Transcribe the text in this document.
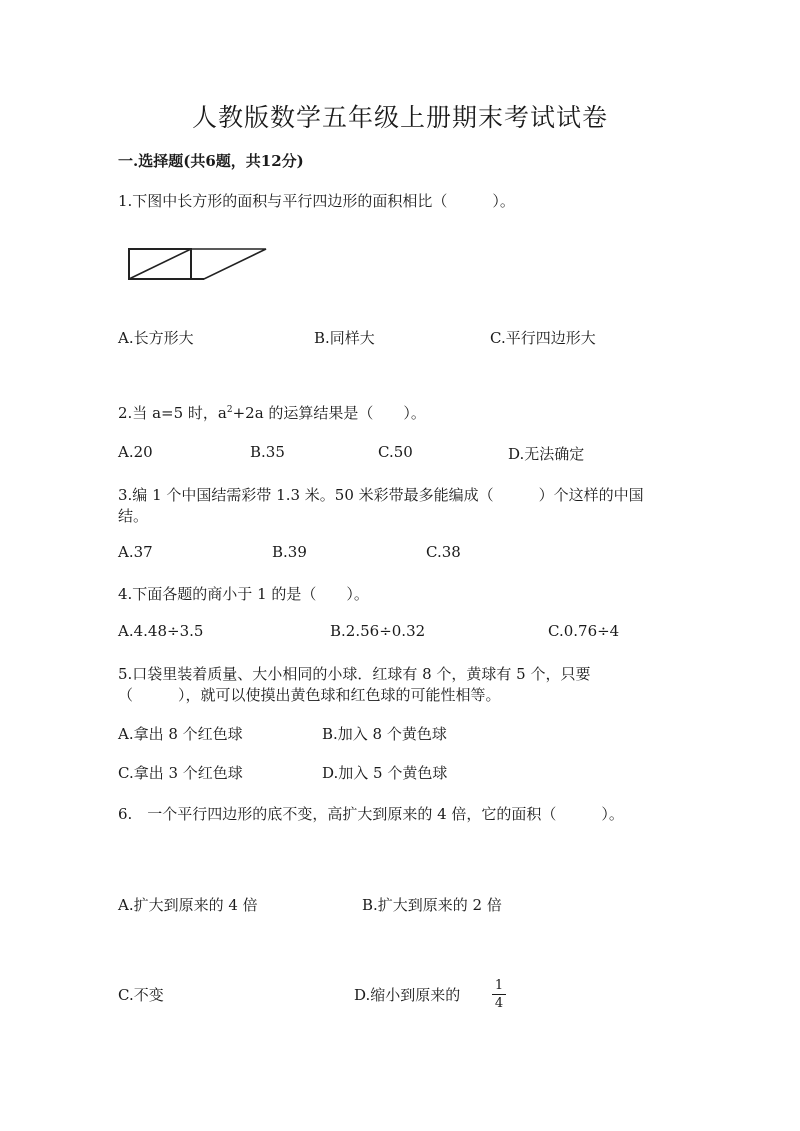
人教版数学五年级上册期末考试试卷
一.选择题(共6题，共12分)
1.下图中长方形的面积与平行四边形的面积相比（　　　）。
A.长方形大	B.同样大	C.平行四边形大
2.当 a=5 时，$a^2+2a$ 的运算结果是（　　）。
A.20	B.35	C.50	D.无法确定
3.编 1 个中国结需彩带 1.3 米。50 米彩带最多能编成（　　　）个这样的中国
结。
A.37	B.39	C.38
4.下面各题的商小于 1 的是（　　）。
A.4.48÷3.5	B.2.56÷0.32	C.0.76÷4
5.口袋里装着质量、大小相同的小球．红球有 8 个，黄球有 5 个，只要
（　　　），就可以使摸出黄色球和红色球的可能性相等。
A.拿出 8 个红色球	B.加入 8 个黄色球
C.拿出 3 个红色球	D.加入 5 个黄色球
6.　一个平行四边形的底不变，高扩大到原来的 4 倍，它的面积（　　　）。
A.扩大到原来的 4 倍	B.扩大到原来的 2 倍
C.不变	D.缩小到原来的
1
4
